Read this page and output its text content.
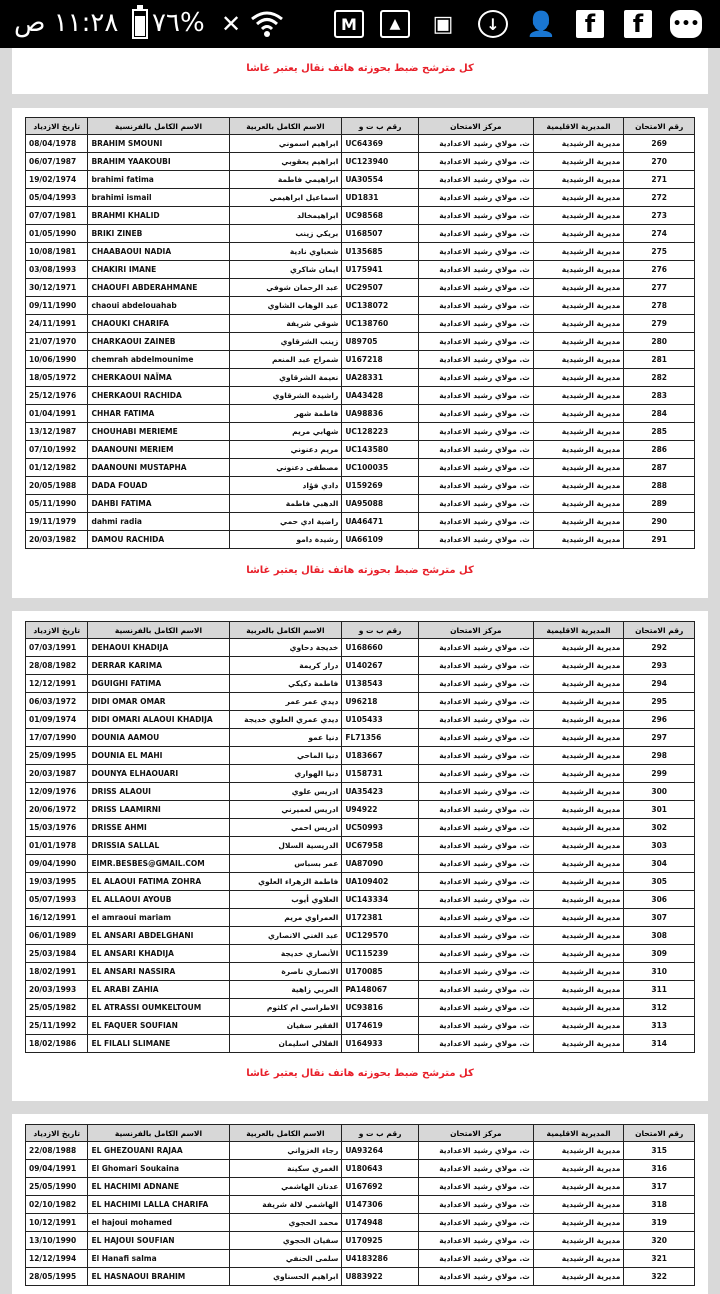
١١:٢٨ ص %٧٦ ✕	M	▲	▣	↓	👤	f	f	•••
كل مترشح ضبط بحوزته هاتف نقال يعتبر غاشا
تاريخ الازدياد	الاسم الكامل بالفرنسية	الاسم الكامل بالعربية	رقم ب ت و	مركز الامتحان	المديرية الاقليمية	رقم الامتحان
08/04/1978	BRAHIM SMOUNI	ابراهيم اسموني	UC64369	ث. مولاي رشيد الاعدادية	مديرية الرشيدية	269
06/07/1987	BRAHIM YAAKOUBI	ابراهيم يعقوبي	UC123940	ث. مولاي رشيد الاعدادية	مديرية الرشيدية	270
19/02/1974	brahimi fatima	ابراهيمي فاطمة	UA30554	ث. مولاي رشيد الاعدادية	مديرية الرشيدية	271
05/04/1993	brahimi ismail	اسماعيل ابراهيمي	UD1831	ث. مولاي رشيد الاعدادية	مديرية الرشيدية	272
07/07/1981	BRAHMI KHALID	ابراهيمخالد	UC98568	ث. مولاي رشيد الاعدادية	مديرية الرشيدية	273
01/05/1990	BRIKI ZINEB	بريكي زينب	U168507	ث. مولاي رشيد الاعدادية	مديرية الرشيدية	274
10/08/1981	CHAABAOUI NADIA	شعباوي نادية	U135685	ث. مولاي رشيد الاعدادية	مديرية الرشيدية	275
03/08/1993	CHAKIRI IMANE	ايمان شاكري	U175941	ث. مولاي رشيد الاعدادية	مديرية الرشيدية	276
30/12/1971	CHAOUFI ABDERAHMANE	عبد الرحمان شوفي	UC29507	ث. مولاي رشيد الاعدادية	مديرية الرشيدية	277
09/11/1990	chaoui abdelouahab	عبد الوهاب الشاوي	UC138072	ث. مولاي رشيد الاعدادية	مديرية الرشيدية	278
24/11/1991	CHAOUKI CHARIFA	شوقي شريفة	UC138760	ث. مولاي رشيد الاعدادية	مديرية الرشيدية	279
21/07/1970	CHARKAOUI ZAINEB	زينب الشرقاوي	U89705	ث. مولاي رشيد الاعدادية	مديرية الرشيدية	280
10/06/1990	chemrah abdelmounime	شمراح عبد المنعم	U167218	ث. مولاي رشيد الاعدادية	مديرية الرشيدية	281
18/05/1972	CHERKAOUI NAÏMA	نعيمة الشرقاوي	UA28331	ث. مولاي رشيد الاعدادية	مديرية الرشيدية	282
25/12/1976	CHERKAOUI RACHIDA	راشيدة الشرقاوي	UA43428	ث. مولاي رشيد الاعدادية	مديرية الرشيدية	283
01/04/1991	CHHAR FATIMA	فاطمة شهر	UA98836	ث. مولاي رشيد الاعدادية	مديرية الرشيدية	284
13/12/1987	CHOUHABI MERIEME	شهابي مريم	UC128223	ث. مولاي رشيد الاعدادية	مديرية الرشيدية	285
07/10/1992	DAANOUNI MERIEM	مريم دعنوني	UC143580	ث. مولاي رشيد الاعدادية	مديرية الرشيدية	286
01/12/1982	DAANOUNI MUSTAPHA	مصطفى دعنوني	UC100035	ث. مولاي رشيد الاعدادية	مديرية الرشيدية	287
20/05/1988	DADA FOUAD	دادي فؤاد	U159269	ث. مولاي رشيد الاعدادية	مديرية الرشيدية	288
05/11/1990	DAHBI FATIMA	الدهبي فاطمة	UA95088	ث. مولاي رشيد الاعدادية	مديرية الرشيدية	289
19/11/1979	dahmi radia	راضية ادي حمي	UA46471	ث. مولاي رشيد الاعدادية	مديرية الرشيدية	290
20/03/1982	DAMOU RACHIDA	رشيدة دامو	UA66109	ث. مولاي رشيد الاعدادية	مديرية الرشيدية	291
كل مترشح ضبط بحوزته هاتف نقال يعتبر غاشا
تاريخ الازدياد	الاسم الكامل بالفرنسية	الاسم الكامل بالعربية	رقم ب ت و	مركز الامتحان	المديرية الاقليمية	رقم الامتحان
07/03/1991	DEHAOUI KHADIJA	خديجة دحاوي	U168660	ث. مولاي رشيد الاعدادية	مديرية الرشيدية	292
28/08/1982	DERRAR KARIMA	درار كريمة	U140267	ث. مولاي رشيد الاعدادية	مديرية الرشيدية	293
12/12/1991	DGUIGHI FATIMA	فاطمة دكيكي	U138543	ث. مولاي رشيد الاعدادية	مديرية الرشيدية	294
06/03/1972	DIDI OMAR OMAR	ديدي عمر عمر	U96218	ث. مولاي رشيد الاعدادية	مديرية الرشيدية	295
01/09/1974	DIDI OMARI ALAOUI KHADIJA	ديدي عمري العلوي خديجة	U105433	ث. مولاي رشيد الاعدادية	مديرية الرشيدية	296
17/07/1990	DOUNIA AAMOU	دنيا عمو	FL71356	ث. مولاي رشيد الاعدادية	مديرية الرشيدية	297
25/09/1995	DOUNIA EL MAHI	دنيا الماحي	U183667	ث. مولاي رشيد الاعدادية	مديرية الرشيدية	298
20/03/1987	DOUNYA ELHAOUARI	دنيا الهواري	U158731	ث. مولاي رشيد الاعدادية	مديرية الرشيدية	299
12/09/1976	DRISS ALAOUI	ادريس علوي	UA35423	ث. مولاي رشيد الاعدادية	مديرية الرشيدية	300
20/06/1972	DRISS LAAMIRNI	ادريس لعميرني	U94922	ث. مولاي رشيد الاعدادية	مديرية الرشيدية	301
15/03/1976	DRISSE AHMI	ادريس احمي	UC50993	ث. مولاي رشيد الاعدادية	مديرية الرشيدية	302
01/01/1978	DRISSIA SALLAL	الدريسية السلال	UC67958	ث. مولاي رشيد الاعدادية	مديرية الرشيدية	303
09/04/1990	EIMR.BESBES@GMAIL.COM	عمر بسباس	UA87090	ث. مولاي رشيد الاعدادية	مديرية الرشيدية	304
19/03/1995	EL ALAOUI FATIMA ZOHRA	فاطمة الزهراء العلوي	UA109402	ث. مولاي رشيد الاعدادية	مديرية الرشيدية	305
05/07/1993	EL ALLAOUI AYOUB	العلاوي أيوب	UC143334	ث. مولاي رشيد الاعدادية	مديرية الرشيدية	306
16/12/1991	el amraoui mariam	العمراوي مريم	U172381	ث. مولاي رشيد الاعدادية	مديرية الرشيدية	307
06/01/1989	EL ANSARI ABDELGHANI	عبد الغني الانصاري	UC129570	ث. مولاي رشيد الاعدادية	مديرية الرشيدية	308
25/03/1984	EL ANSARI KHADIJA	الأنصاري خديجة	UC115239	ث. مولاي رشيد الاعدادية	مديرية الرشيدية	309
18/02/1991	EL ANSARI NASSIRA	الانصاري ناصرة	U170085	ث. مولاي رشيد الاعدادية	مديرية الرشيدية	310
20/03/1993	EL ARABI ZAHIA	العربي زاهية	PA148067	ث. مولاي رشيد الاعدادية	مديرية الرشيدية	311
25/05/1982	EL ATRASSI OUMKELTOUM	الاطراسي ام كلثوم	UC93816	ث. مولاي رشيد الاعدادية	مديرية الرشيدية	312
25/11/1992	EL FAQUER SOUFIAN	الفقير سفيان	U174619	ث. مولاي رشيد الاعدادية	مديرية الرشيدية	313
18/02/1986	EL FILALI SLIMANE	الفلالي اسليمان	U164933	ث. مولاي رشيد الاعدادية	مديرية الرشيدية	314
كل مترشح ضبط بحوزته هاتف نقال يعتبر غاشا
تاريخ الازدياد	الاسم الكامل بالفرنسية	الاسم الكامل بالعربية	رقم ب ت و	مركز الامتحان	المديرية الاقليمية	رقم الامتحان
22/08/1988	EL GHEZOUANI RAJAA	رجاء الغزواني	UA93264	ث. مولاي رشيد الاعدادية	مديرية الرشيدية	315
09/04/1991	El Ghomari Soukaina	الغمري سكينة	U180643	ث. مولاي رشيد الاعدادية	مديرية الرشيدية	316
25/05/1990	EL HACHIMI ADNANE	عدنان الهاشمي	U167692	ث. مولاي رشيد الاعدادية	مديرية الرشيدية	317
02/10/1982	EL HACHIMI LALLA CHARIFA	الهاشمي لالة شريفة	U147306	ث. مولاي رشيد الاعدادية	مديرية الرشيدية	318
10/12/1991	el hajoui mohamed	محمد الحجوي	U174948	ث. مولاي رشيد الاعدادية	مديرية الرشيدية	319
13/10/1990	EL HAJOUI SOUFIAN	سفيان الحجوي	U170925	ث. مولاي رشيد الاعدادية	مديرية الرشيدية	320
12/12/1994	El Hanafi salma	سلمى الحنفي	U4183286	ث. مولاي رشيد الاعدادية	مديرية الرشيدية	321
28/05/1995	EL HASNAOUI BRAHIM	ابراهيم الحسناوي	U883922	ث. مولاي رشيد الاعدادية	مديرية الرشيدية	322
